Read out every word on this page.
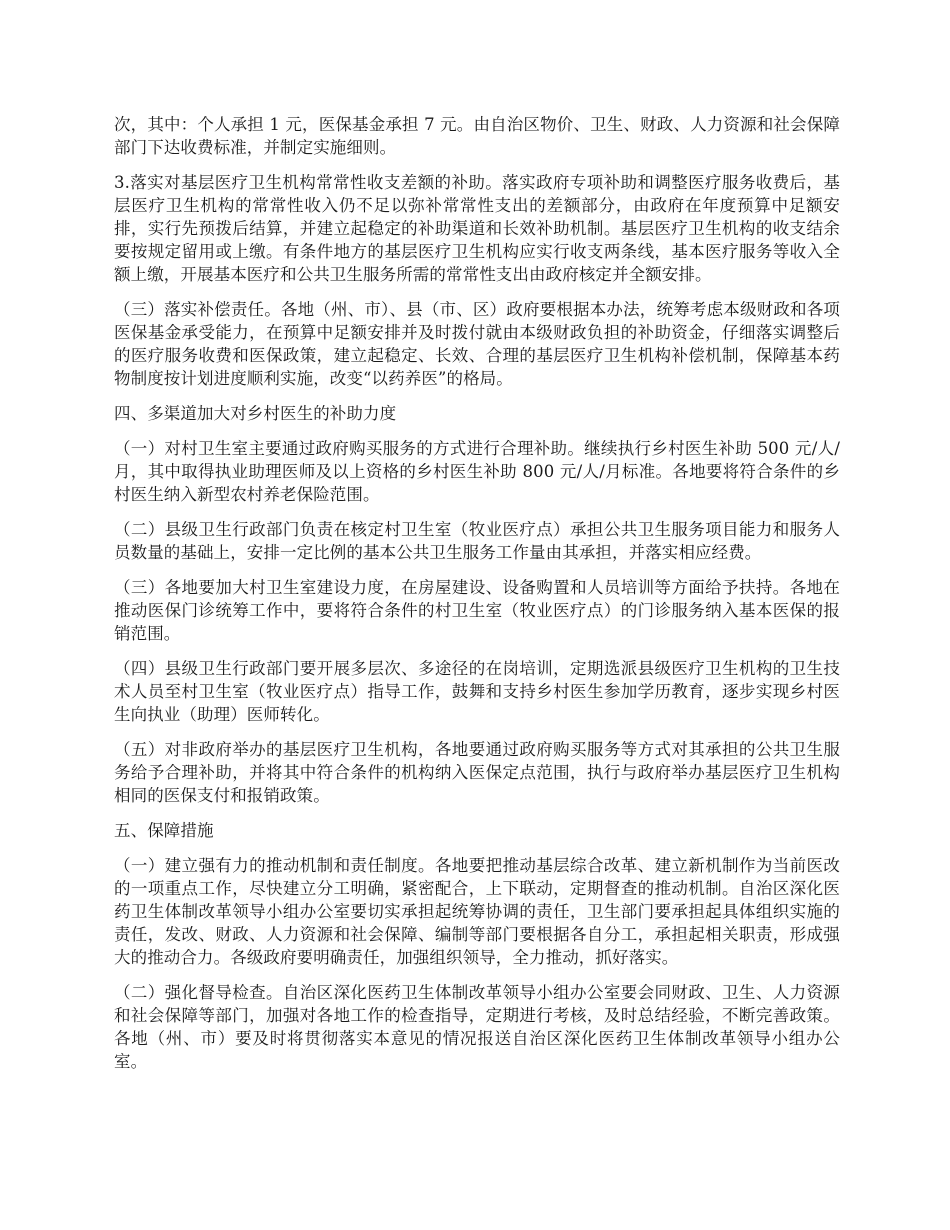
次，其中：个人承担 1 元，医保基金承担 7 元。由自治区物价、卫生、财政、人力资源和社会保障部门下达收费标准，并制定实施细则。

3.落实对基层医疗卫生机构常常性收支差额的补助。落实政府专项补助和调整医疗服务收费后，基层医疗卫生机构的常常性收入仍不足以弥补常常性支出的差额部分，由政府在年度预算中足额安排，实行先预拨后结算，并建立起稳定的补助渠道和长效补助机制。基层医疗卫生机构的收支结余要按规定留用或上缴。有条件地方的基层医疗卫生机构应实行收支两条线，基本医疗服务等收入全额上缴，开展基本医疗和公共卫生服务所需的常常性支出由政府核定并全额安排。

（三）落实补偿责任。各地（州、市）、县（市、区）政府要根据本办法，统筹考虑本级财政和各项医保基金承受能力，在预算中足额安排并及时拨付就由本级财政负担的补助资金，仔细落实调整后的医疗服务收费和医保政策，建立起稳定、长效、合理的基层医疗卫生机构补偿机制，保障基本药物制度按计划进度顺利实施，改变“以药养医”的格局。

四、多渠道加大对乡村医生的补助力度

（一）对村卫生室主要通过政府购买服务的方式进行合理补助。继续执行乡村医生补助 500 元/人/月，其中取得执业助理医师及以上资格的乡村医生补助 800 元/人/月标准。各地要将符合条件的乡村医生纳入新型农村养老保险范围。

（二）县级卫生行政部门负责在核定村卫生室（牧业医疗点）承担公共卫生服务项目能力和服务人员数量的基础上，安排一定比例的基本公共卫生服务工作量由其承担，并落实相应经费。

（三）各地要加大村卫生室建设力度，在房屋建设、设备购置和人员培训等方面给予扶持。各地在推动医保门诊统筹工作中，要将符合条件的村卫生室（牧业医疗点）的门诊服务纳入基本医保的报销范围。

（四）县级卫生行政部门要开展多层次、多途径的在岗培训，定期选派县级医疗卫生机构的卫生技术人员至村卫生室（牧业医疗点）指导工作，鼓舞和支持乡村医生参加学历教育，逐步实现乡村医生向执业（助理）医师转化。

（五）对非政府举办的基层医疗卫生机构，各地要通过政府购买服务等方式对其承担的公共卫生服务给予合理补助，并将其中符合条件的机构纳入医保定点范围，执行与政府举办基层医疗卫生机构相同的医保支付和报销政策。

五、保障措施

（一）建立强有力的推动机制和责任制度。各地要把推动基层综合改革、建立新机制作为当前医改的一项重点工作，尽快建立分工明确，紧密配合，上下联动，定期督查的推动机制。自治区深化医药卫生体制改革领导小组办公室要切实承担起统筹协调的责任，卫生部门要承担起具体组织实施的责任，发改、财政、人力资源和社会保障、编制等部门要根据各自分工，承担起相关职责，形成强大的推动合力。各级政府要明确责任，加强组织领导，全力推动，抓好落实。

（二）强化督导检查。自治区深化医药卫生体制改革领导小组办公室要会同财政、卫生、人力资源和社会保障等部门，加强对各地工作的检查指导，定期进行考核，及时总结经验，不断完善政策。各地（州、市）要及时将贯彻落实本意见的情况报送自治区深化医药卫生体制改革领导小组办公室。
